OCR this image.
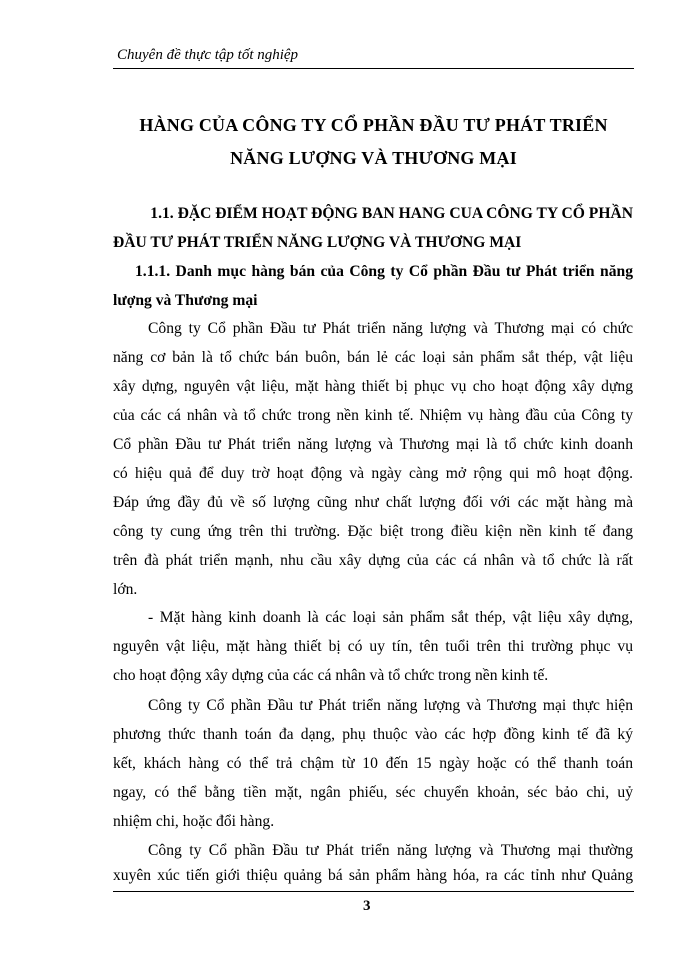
Chuyên đề thực tập tốt nghiệp
HÀNG CỦA CÔNG TY CỔ PHẦN ĐẦU TƯ PHÁT TRIỂN
NĂNG LƯỢNG VÀ THƯƠNG MẠI
1.1. ĐẶC ĐIỂM HOẠT ĐỘNG BAN HANG CUA CÔNG TY CỔ PHẦN
ĐẦU TƯ PHÁT TRIỂN NĂNG LƯỢNG VÀ THƯƠNG MẠI
1.1.1. Danh mục hàng bán của Công ty Cổ phần Đầu tư Phát triển năng
lượng và Thương mại
Công ty Cổ phần Đầu tư Phát triển năng lượng và Thương mại có chức
năng cơ bản là tổ chức bán buôn, bán lẻ các loại sản phẩm sắt thép, vật liệu
xây dựng, nguyên vật liệu, mặt hàng thiết bị phục vụ cho hoạt động xây dựng
của các cá nhân và tổ chức trong nền kinh tế. Nhiệm vụ hàng đầu của Công ty
Cổ phần Đầu tư Phát triển năng lượng và Thương mại là tổ chức kinh doanh
có hiệu quả để duy trờ hoạt động và ngày càng mở rộng qui mô hoạt động.
Đáp ứng đầy đủ về số lượng cũng như chất lượng đối với các mặt hàng mà
công ty cung ứng trên thi trường. Đặc biệt trong điều kiện nền kinh tế đang
trên đà phát triển mạnh, nhu cầu xây dựng của các cá nhân và tổ chức là rất
lớn.
- Mặt hàng kinh doanh là các loại sản phẩm sắt thép, vật liệu xây dựng,
nguyên vật liệu, mặt hàng thiết bị có uy tín, tên tuổi trên thi trường phục vụ
cho hoạt động xây dựng của các cá nhân và tổ chức trong nền kinh tế.
Công ty Cổ phần Đầu tư Phát triển năng lượng và Thương mại thực hiện
phương thức thanh toán đa dạng, phụ thuộc vào các hợp đồng kinh tế đã ký
kết, khách hàng có thể trả chậm từ 10 đến 15 ngày hoặc có thể thanh toán
ngay, có thể bằng tiền mặt, ngân phiếu, séc chuyển khoản, séc bảo chi, uỷ
nhiệm chi, hoặc đổi hàng.
Công ty Cổ phần Đầu tư Phát triển năng lượng và Thương mại thường
xuyên xúc tiến giới thiệu quảng bá sản phẩm hàng hóa, ra các tỉnh như Quảng
3
